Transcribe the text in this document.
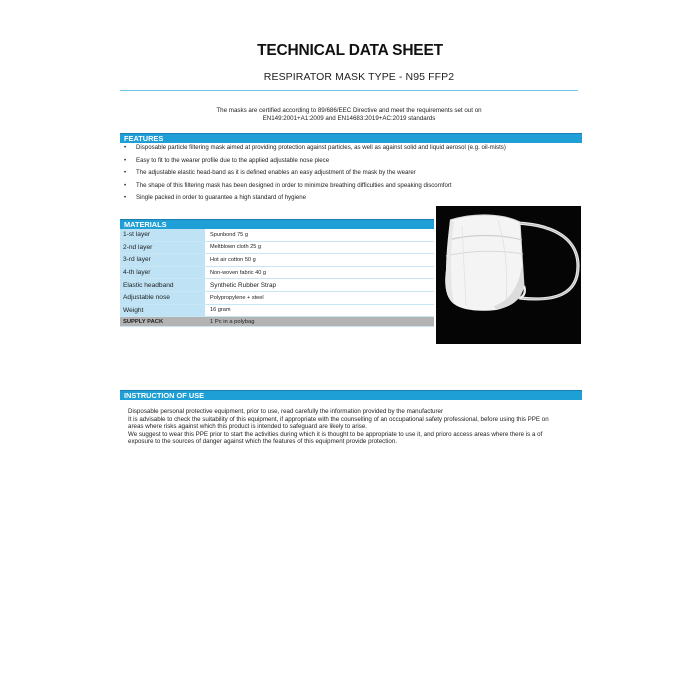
TECHNICAL DATA SHEET
RESPIRATOR MASK TYPE - N95 FFP2
The masks are certified according to 89/686/EEC Directive and meet the requirements set out on
EN149:2001+A1:2009 and EN14683:2019+AC:2019 standards
FEATURES
• Disposable particle filtering mask aimed at providing protection against particles, as well as against solid and liquid aerosol (e.g. oil-mists)
• Easy to fit to the wearer profile due to the applied adjustable nose piece
• The adjustable elastic head-band as it is defined enables an easy adjustment of the mask by the wearer
• The shape of this filtering mask has been designed in order to minimize breathing difficulties and speaking discomfort
• Single packed in order to guarantee a high standard of hygiene
MATERIALS
1-st layer	Spunbond 75 g
2-nd layer	Meltblown cloth 25 g
3-rd layer	Hot air cotton 50 g
4-th layer	Non-woven fabric 40 g
Elastic headband	Synthetic Rubber Strap
Adjustable nose	Polypropylene + steel
Weight	16 gram
SUPPLY PACK	1 Pc in a polybag
INSTRUCTION OF USE

Disposable personal protective equipment, prior to use, read carefully the information provided by the manufacturer

It is advisable to check the suitability of this equipment, if appropriate with the counselling of an occupational safety professional, before using this PPE on

areas where risks against which this product is intended to safeguard are likely to arise.

We suggest to wear this PPE prior to start the activities during which it is thought to be appropriate to use it, and prioro access areas where there is a of

exposure to the sources of danger against which the features of this equipment provide protection.
